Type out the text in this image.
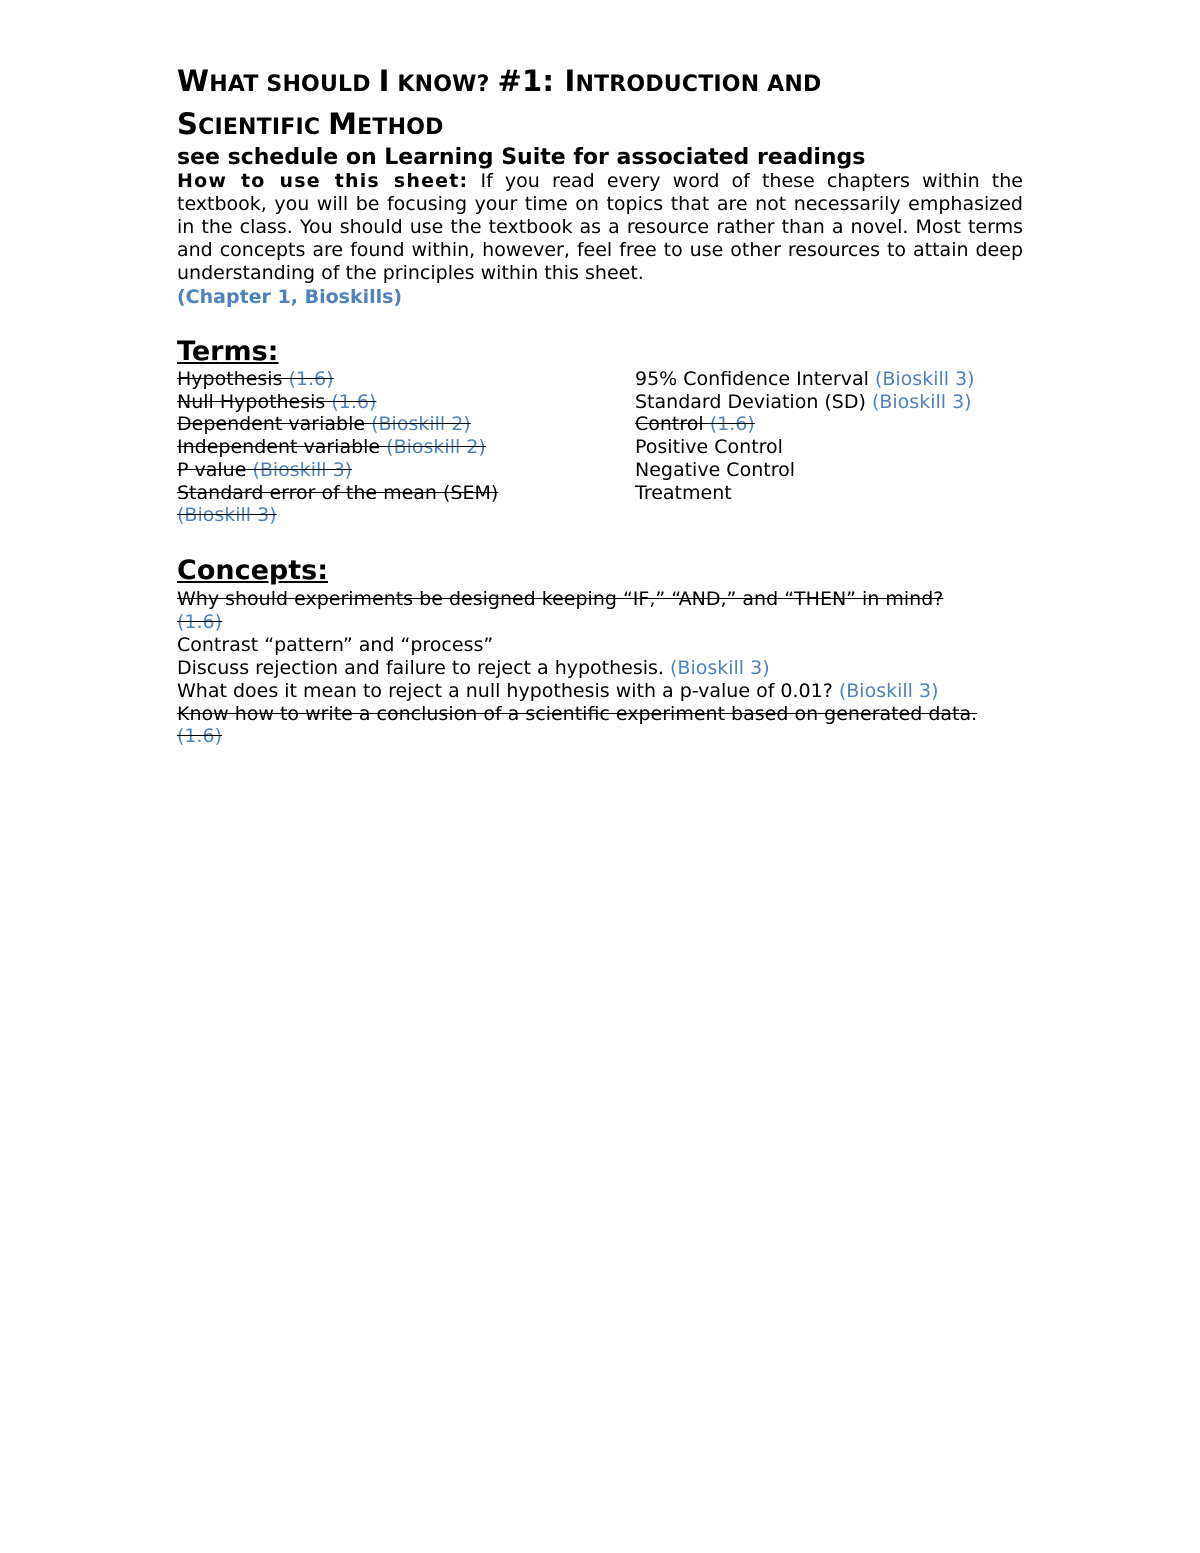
WHAT SHOULD I KNOW? #1: INTRODUCTION AND
SCIENTIFIC METHOD
see schedule on Learning Suite for associated readings
How to use this sheet: If you read every word of these chapters within the textbook, you will be focusing your time on topics that are not necessarily emphasized in the class. You should use the textbook as a resource rather than a novel. Most terms and concepts are found within, however, feel free to use other resources to attain deep understanding of the principles within this sheet.
(Chapter 1, Bioskills)
Terms:
Hypothesis (1.6)
Null Hypothesis (1.6)
Dependent variable (Bioskill 2)
Independent variable (Bioskill 2)
P value (Bioskill 3)
Standard error of the mean (SEM) (Bioskill 3)
95% Confidence Interval (Bioskill 3)
Standard Deviation (SD) (Bioskill 3)
Control (1.6)
Positive Control
Negative Control
Treatment
Concepts:
Why should experiments be designed keeping “IF,” “AND,” and “THEN” in mind? (1.6)
Contrast “pattern” and “process”
Discuss rejection and failure to reject a hypothesis. (Bioskill 3)
What does it mean to reject a null hypothesis with a p-value of 0.01? (Bioskill 3)
Know how to write a conclusion of a scientific experiment based on generated data. (1.6)
